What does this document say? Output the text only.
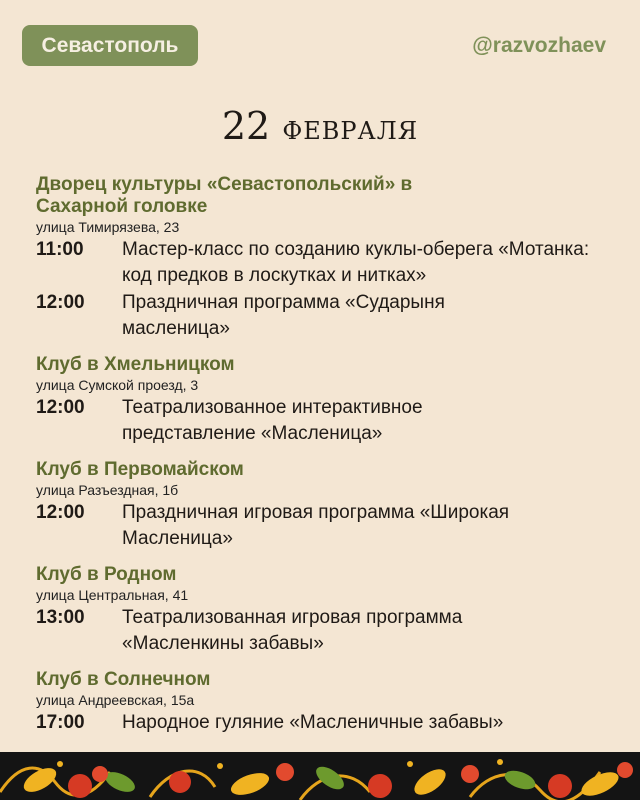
Севастополь	@razvozhaev
22 февраля
Дворец культуры «Севастопольский» в Сахарной головке
улица Тимирязева, 23
11:00	Мастер-класс по созданию куклы-оберега «Мотанка: код предков в лоскутках и нитках»
12:00	Праздничная программа «Сударыня масленица»
Клуб в Хмельницком
улица Сумской проезд, 3
12:00	Театрализованное интерактивное представление «Масленица»
Клуб в Первомайском
улица Разъездная, 1б
12:00	Праздничная игровая программа «Широкая Масленица»
Клуб в Родном
улица Центральная, 41
13:00	Театрализованная игровая программа «Масленкины забавы»
Клуб в Солнечном
улица Андреевская, 15а
17:00	Народное гуляние «Масленичные забавы»
